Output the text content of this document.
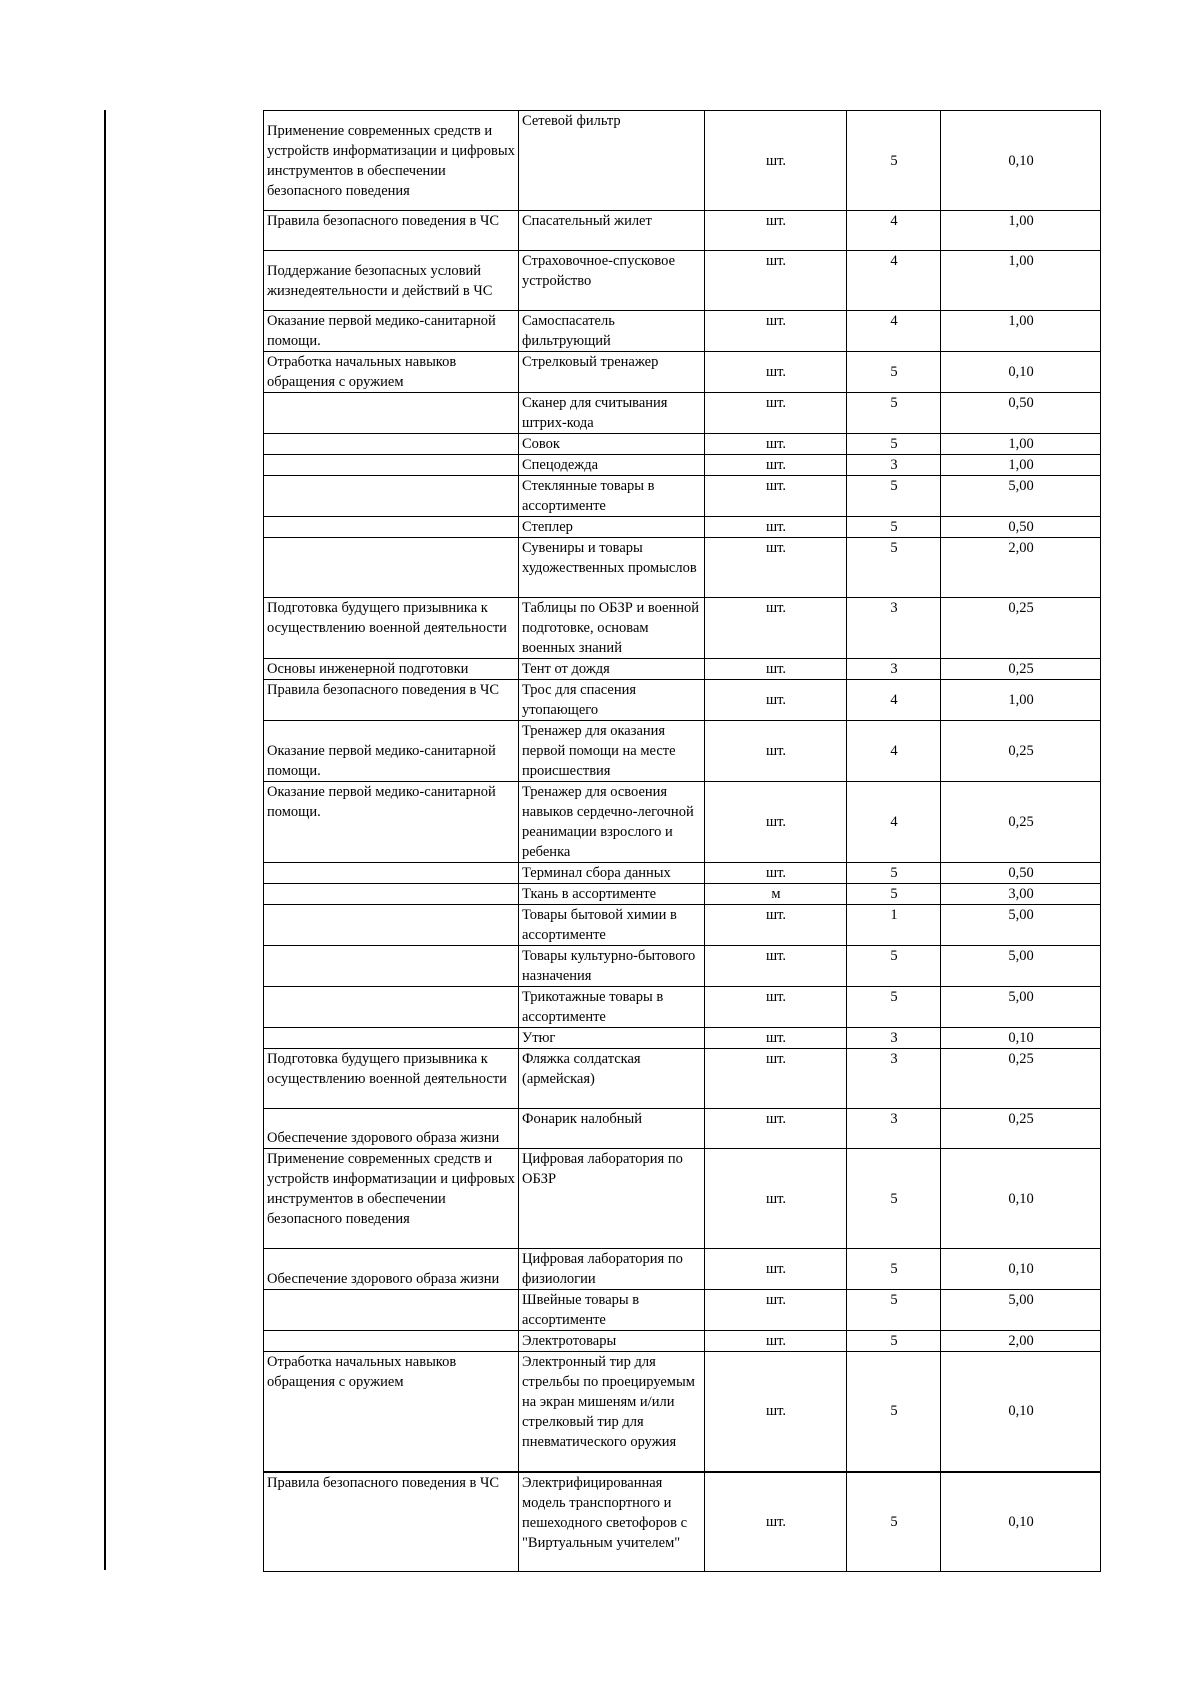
Применение современных средств и устройств информатизации и цифровых инструментов в обеспечении безопасного поведения	Сетевой фильтр	шт.	5	0,10
Правила безопасного поведения в ЧС	Спасательный жилет	шт.	4	1,00
Поддержание безопасных условий жизнедеятельности и действий в ЧС	Страховочное-спусковое устройство	шт.	4	1,00
Оказание первой медико-санитарной помощи.	Самоспасатель фильтрующий	шт.	4	1,00
Отработка начальных навыков обращения с оружием	Стрелковый тренажер	шт.	5	0,10
	Сканер для считывания штрих-кода	шт.	5	0,50
	Совок	шт.	5	1,00
	Спецодежда	шт.	3	1,00
	Стеклянные товары в ассортименте	шт.	5	5,00
	Степлер	шт.	5	0,50
	Сувениры и товары художественных промыслов	шт.	5	2,00
Подготовка будущего призывника к осуществлению военной деятельности	Таблицы по ОБЗР и военной подготовке, основам военных знаний	шт.	3	0,25
Основы инженерной подготовки	Тент от дождя	шт.	3	0,25
Правила безопасного поведения в ЧС	Трос для спасения утопающего	шт.	4	1,00
Оказание первой медико-санитарной помощи.	Тренажер для оказания первой помощи на месте происшествия	шт.	4	0,25
Оказание первой медико-санитарной помощи.	Тренажер для освоения навыков сердечно-легочной реанимации взрослого и ребенка	шт.	4	0,25
	Терминал сбора данных	шт.	5	0,50
	Ткань в ассортименте	м	5	3,00
	Товары бытовой химии в ассортименте	шт.	1	5,00
	Товары культурно-бытового назначения	шт.	5	5,00
	Трикотажные товары в ассортименте	шт.	5	5,00
	Утюг	шт.	3	0,10
Подготовка будущего призывника к осуществлению военной деятельности	Фляжка солдатская (армейская)	шт.	3	0,25
Обеспечение здорового образа жизни	Фонарик налобный	шт.	3	0,25
Применение современных средств и устройств информатизации и цифровых инструментов в обеспечении безопасного поведения	Цифровая лаборатория по ОБЗР	шт.	5	0,10
Обеспечение здорового образа жизни	Цифровая лаборатория по физиологии	шт.	5	0,10
	Швейные товары в ассортименте	шт.	5	5,00
	Электротовары	шт.	5	2,00
Отработка начальных навыков обращения с оружием	Электронный тир для стрельбы по проецируемым на экран мишеням и/или стрелковый тир для пневматического оружия	шт.	5	0,10
Правила безопасного поведения в ЧС	Электрифицированная модель транспортного и пешеходного светофоров с "Виртуальным учителем"	шт.	5	0,10
